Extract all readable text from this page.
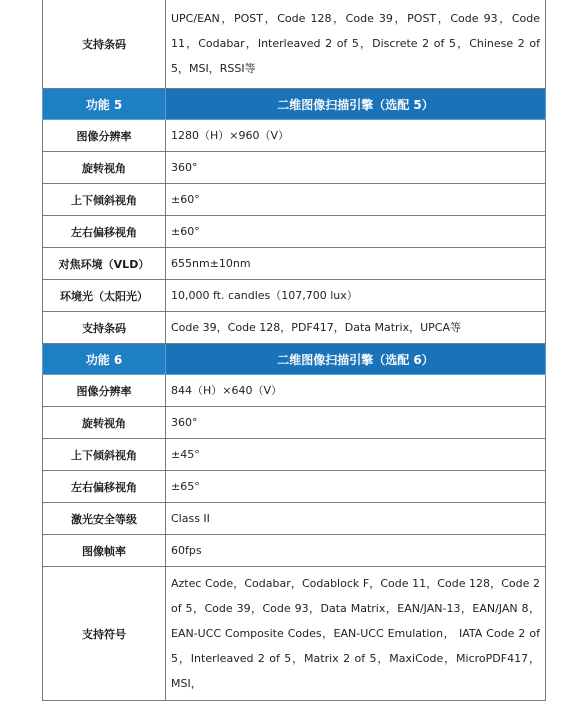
支持条码	UPC/EAN，POST，Code 128，Code 39，POST，Code 93，Code 11，Codabar，Interleaved 2 of 5，Discrete 2 of 5，Chinese 2 of 5，MSI，RSSI等
功能 5	二维图像扫描引擎（选配 5）
图像分辨率	1280（H）×960（V）
旋转视角	360°
上下倾斜视角	±60°
左右偏移视角	±60°
对焦环境（VLD）	655nm±10nm
环境光（太阳光）	10,000 ft. candles（107,700 lux）
支持条码	Code 39，Code 128，PDF417，Data Matrix，UPCA等
功能 6	二维图像扫描引擎（选配 6）
图像分辨率	844（H）×640（V）
旋转视角	360°
上下倾斜视角	±45°
左右偏移视角	±65°
激光安全等级	Class II
图像帧率	60fps
支持符号	Aztec Code，Codabar，Codablock F，Code 11，Code 128，Code 2 of 5，Code 39，Code 93，Data Matrix，EAN/JAN-13，EAN/JAN 8，EAN-UCC Composite Codes，EAN-UCC Emulation， IATA Code 2 of 5，Interleaved 2 of 5，Matrix 2 of 5，MaxiCode，MicroPDF417，MSI，
